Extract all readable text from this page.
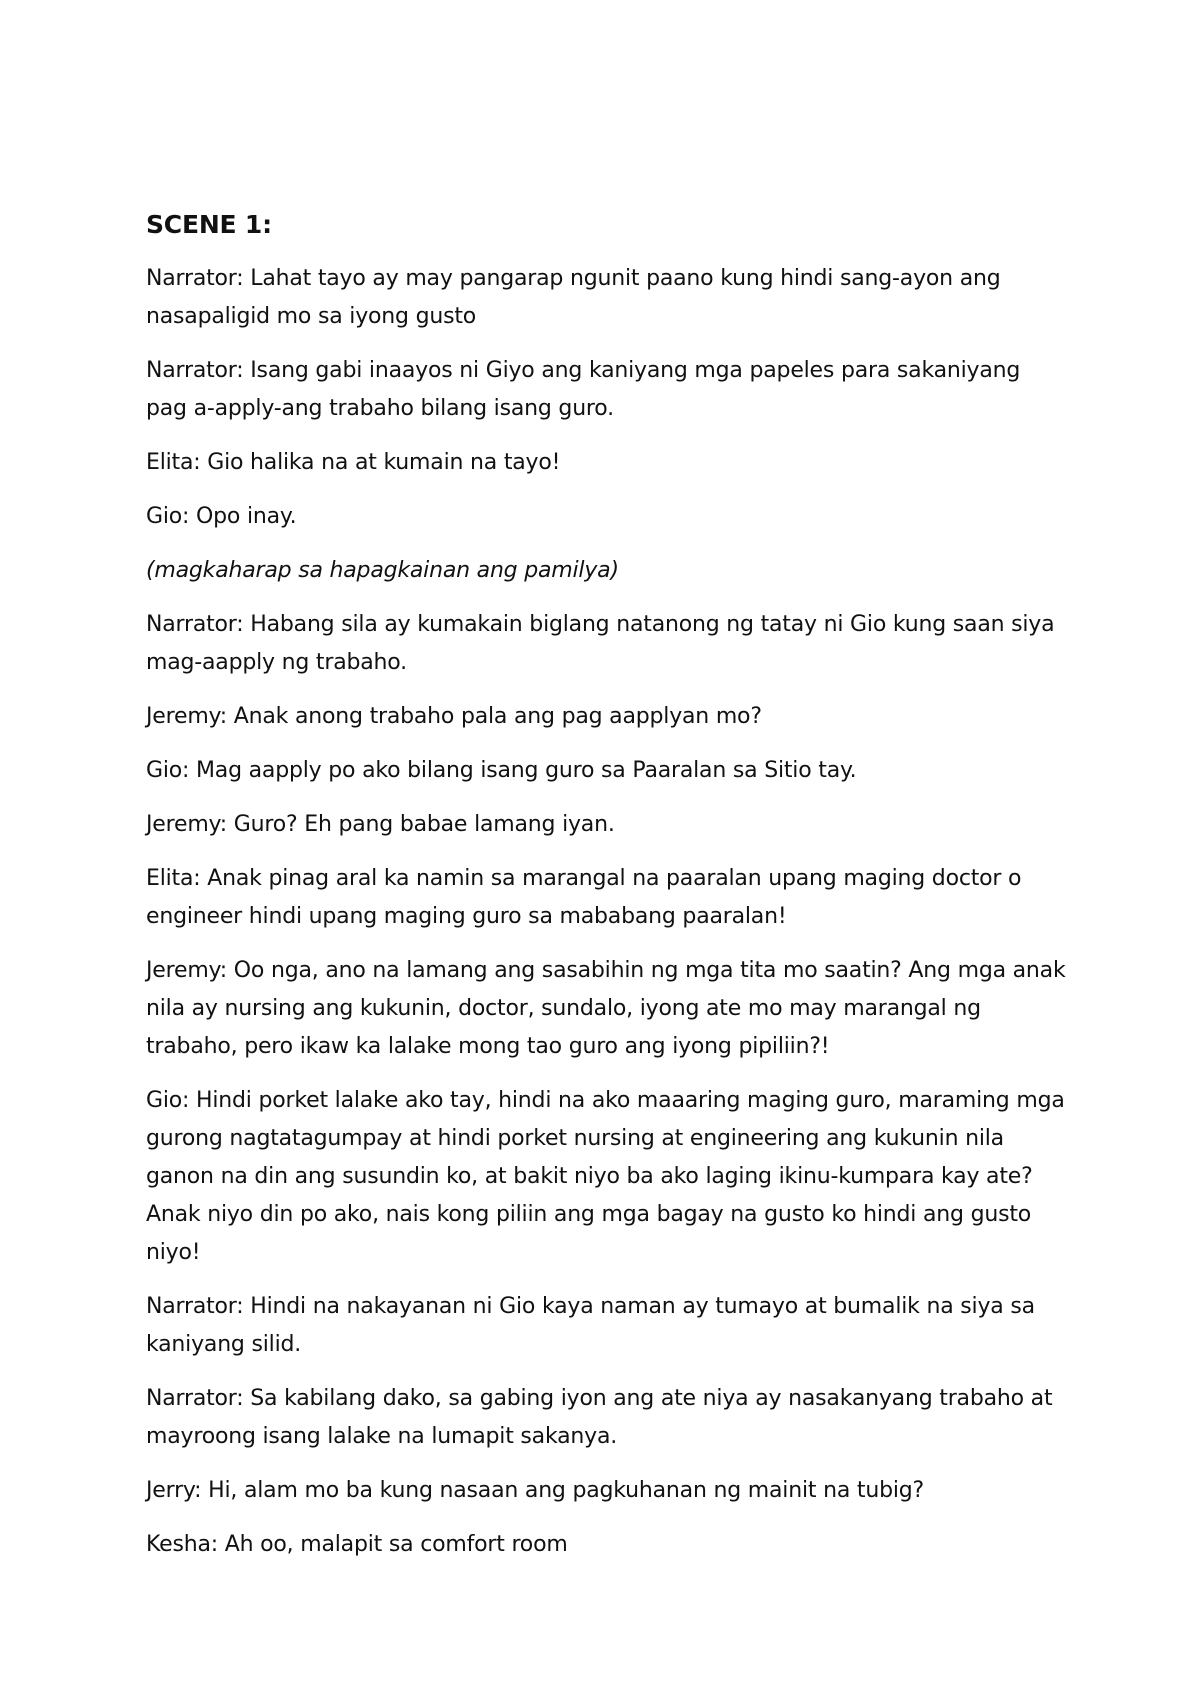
SCENE 1:

Narrator: Lahat tayo ay may pangarap ngunit paano kung hindi sang-ayon ang nasapaligid mo sa iyong gusto

Narrator: Isang gabi inaayos ni Giyo ang kaniyang mga papeles para sakaniyang pag a-apply-ang trabaho bilang isang guro.

Elita: Gio halika na at kumain na tayo!

Gio: Opo inay.

(magkaharap sa hapagkainan ang pamilya)

Narrator: Habang sila ay kumakain biglang natanong ng tatay ni Gio kung saan siya mag-aapply ng trabaho.

Jeremy: Anak anong trabaho pala ang pag aapplyan mo?

Gio: Mag aapply po ako bilang isang guro sa Paaralan sa Sitio tay.

Jeremy: Guro? Eh pang babae lamang iyan.

Elita: Anak pinag aral ka namin sa marangal na paaralan upang maging doctor o engineer hindi upang maging guro sa mababang paaralan!

Jeremy: Oo nga, ano na lamang ang sasabihin ng mga tita mo saatin? Ang mga anak nila ay nursing ang kukunin, doctor, sundalo, iyong ate mo may marangal ng trabaho, pero ikaw ka lalake mong tao guro ang iyong pipiliin?!

Gio: Hindi porket lalake ako tay, hindi na ako maaaring maging guro, maraming mga gurong nagtatagumpay at hindi porket nursing at engineering ang kukunin nila ganon na din ang susundin ko, at bakit niyo ba ako laging ikinu-kumpara kay ate? Anak niyo din po ako, nais kong piliin ang mga bagay na gusto ko hindi ang gusto niyo!

Narrator: Hindi na nakayanan ni Gio kaya naman ay tumayo at bumalik na siya sa kaniyang silid.

Narrator: Sa kabilang dako, sa gabing iyon ang ate niya ay nasakanyang trabaho at mayroong isang lalake na lumapit sakanya.

Jerry: Hi, alam mo ba kung nasaan ang pagkuhanan ng mainit na tubig?

Kesha: Ah oo, malapit sa comfort room
